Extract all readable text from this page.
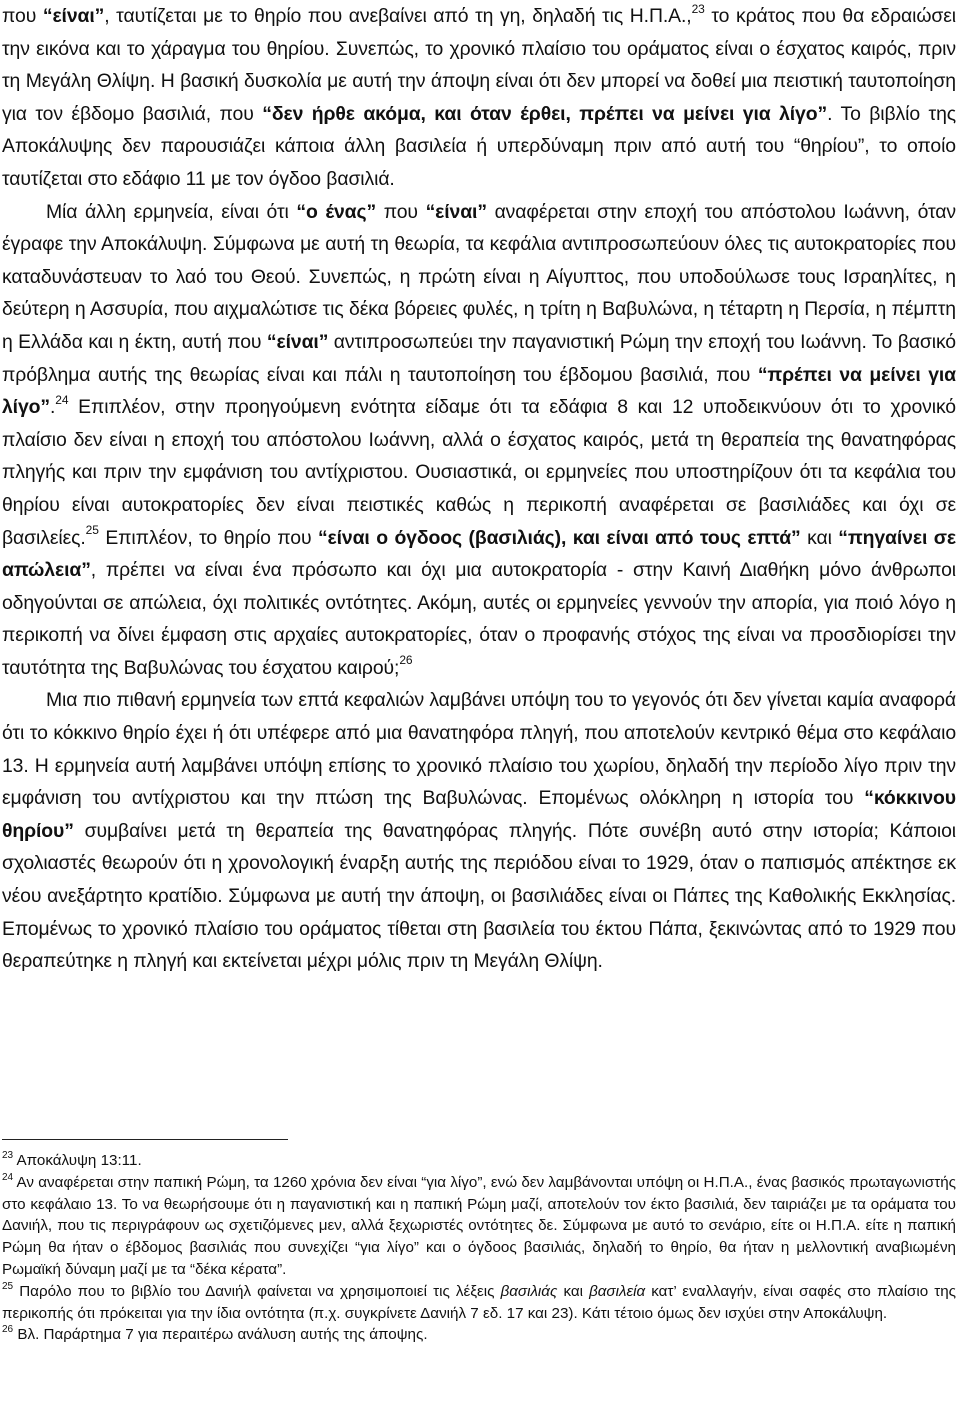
που “είναι”, ταυτίζεται με το θηρίο που ανεβαίνει από τη γη, δηλαδή τις Η.Π.Α.,$^{23}$ το κράτος που θα εδραιώσει την εικόνα και το χάραγμα του θηρίου. Συνεπώς, το χρονικό πλαίσιο του οράματος είναι ο έσχατος καιρός, πριν τη Μεγάλη Θλίψη. Η βασική δυσκολία με αυτή την άποψη είναι ότι δεν μπορεί να δοθεί μια πειστική ταυτοποίηση για τον έβδομο βασιλιά, που “δεν ήρθε ακόμα, και όταν έρθει, πρέπει να μείνει για λίγο”. Το βιβλίο της Αποκάλυψης δεν παρουσιάζει κάποια άλλη βασιλεία ή υπερδύναμη πριν από αυτή του “θηρίου”, το οποίο ταυτίζεται στο εδάφιο 11 με τον όγδοο βασιλιά.

Μία άλλη ερμηνεία, είναι ότι “ο ένας” που “είναι” αναφέρεται στην εποχή του απόστολου Ιωάννη, όταν έγραφε την Αποκάλυψη. Σύμφωνα με αυτή τη θεωρία, τα κεφάλια αντιπροσωπεύουν όλες τις αυτοκρατορίες που καταδυνάστευαν το λαό του Θεού. Συνεπώς, η πρώτη είναι η Αίγυπτος, που υποδούλωσε τους Ισραηλίτες, η δεύτερη η Ασσυρία, που αιχμαλώτισε τις δέκα βόρειες φυλές, η τρίτη η Βαβυλώνα, η τέταρτη η Περσία, η πέμπτη η Ελλάδα και η έκτη, αυτή που “είναι” αντιπροσωπεύει την παγανιστική Ρώμη την εποχή του Ιωάννη. Το βασικό πρόβλημα αυτής της θεωρίας είναι και πάλι η ταυτοποίηση του έβδομου βασιλιά, που “πρέπει να μείνει για λίγο”.$^{24}$ Επιπλέον, στην προηγούμενη ενότητα είδαμε ότι τα εδάφια 8 και 12 υποδεικνύουν ότι το χρονικό πλαίσιο δεν είναι η εποχή του απόστολου Ιωάννη, αλλά ο έσχατος καιρός, μετά τη θεραπεία της θανατηφόρας πληγής και πριν την εμφάνιση του αντίχριστου. Ουσιαστικά, οι ερμηνείες που υποστηρίζουν ότι τα κεφάλια του θηρίου είναι αυτοκρατορίες δεν είναι πειστικές καθώς η περικοπή αναφέρεται σε βασιλιάδες και όχι σε βασιλείες.$^{25}$ Επιπλέον, το θηρίο που “είναι ο όγδοος (βασιλιάς), και είναι από τους επτά” και “πηγαίνει σε απώλεια”, πρέπει να είναι ένα πρόσωπο και όχι μια αυτοκρατορία - στην Καινή Διαθήκη μόνο άνθρωποι οδηγούνται σε απώλεια, όχι πολιτικές οντότητες. Ακόμη, αυτές οι ερμηνείες γεννούν την απορία, για ποιό λόγο η περικοπή να δίνει έμφαση στις αρχαίες αυτοκρατορίες, όταν ο προφανής στόχος της είναι να προσδιορίσει την ταυτότητα της Βαβυλώνας του έσχατου καιρού;$^{26}$

Μια πιο πιθανή ερμηνεία των επτά κεφαλιών λαμβάνει υπόψη του το γεγονός ότι δεν γίνεται καμία αναφορά ότι το κόκκινο θηρίο έχει ή ότι υπέφερε από μια θανατηφόρα πληγή, που αποτελούν κεντρικό θέμα στο κεφάλαιο 13. Η ερμηνεία αυτή λαμβάνει υπόψη επίσης το χρονικό πλαίσιο του χωρίου, δηλαδή την περίοδο λίγο πριν την εμφάνιση του αντίχριστου και την πτώση της Βαβυλώνας. Επομένως ολόκληρη η ιστορία του “κόκκινου θηρίου” συμβαίνει μετά τη θεραπεία της θανατηφόρας πληγής. Πότε συνέβη αυτό στην ιστορία; Κάποιοι σχολιαστές θεωρούν ότι η χρονολογική έναρξη αυτής της περιόδου είναι το 1929, όταν ο παπισμός απέκτησε εκ νέου ανεξάρτητο κρατίδιο. Σύμφωνα με αυτή την άποψη, οι βασιλιάδες είναι οι Πάπες της Καθολικής Εκκλησίας. Επομένως το χρονικό πλαίσιο του οράματος τίθεται στη βασιλεία του έκτου Πάπα, ξεκινώντας από το 1929 που θεραπεύτηκε η πληγή και εκτείνεται μέχρι μόλις πριν τη Μεγάλη Θλίψη.

$^{23}$ Αποκάλυψη 13:11.

$^{24}$ Αν αναφέρεται στην παπική Ρώμη, τα 1260 χρόνια δεν είναι “για λίγο”, ενώ δεν λαμβάνονται υπόψη οι Η.Π.Α., ένας βασικός πρωταγωνιστής στο κεφάλαιο 13. Το να θεωρήσουμε ότι η παγανιστική και η παπική Ρώμη μαζί, αποτελούν τον έκτο βασιλιά, δεν ταιριάζει με τα οράματα του Δανιήλ, που τις περιγράφουν ως σχετιζόμενες μεν, αλλά ξεχωριστές οντότητες δε. Σύμφωνα με αυτό το σενάριο, είτε οι Η.Π.Α. είτε η παπική Ρώμη θα ήταν ο έβδομος βασιλιάς που συνεχίζει “για λίγο” και ο όγδοος βασιλιάς, δηλαδή το θηρίο, θα ήταν η μελλοντική αναβιωμένη Ρωμαϊκή δύναμη μαζί με τα “δέκα κέρατα”.

$^{25}$ Παρόλο που το βιβλίο του Δανιήλ φαίνεται να χρησιμοποιεί τις λέξεις βασιλιάς και βασιλεία κατ’ εναλλαγήν, είναι σαφές στο πλαίσιο της περικοπής ότι πρόκειται για την ίδια οντότητα (π.χ. συγκρίνετε Δανιήλ 7 εδ. 17 και 23). Κάτι τέτοιο όμως δεν ισχύει στην Αποκάλυψη.

$^{26}$ Βλ. Παράρτημα 7 για περαιτέρω ανάλυση αυτής της άποψης.
